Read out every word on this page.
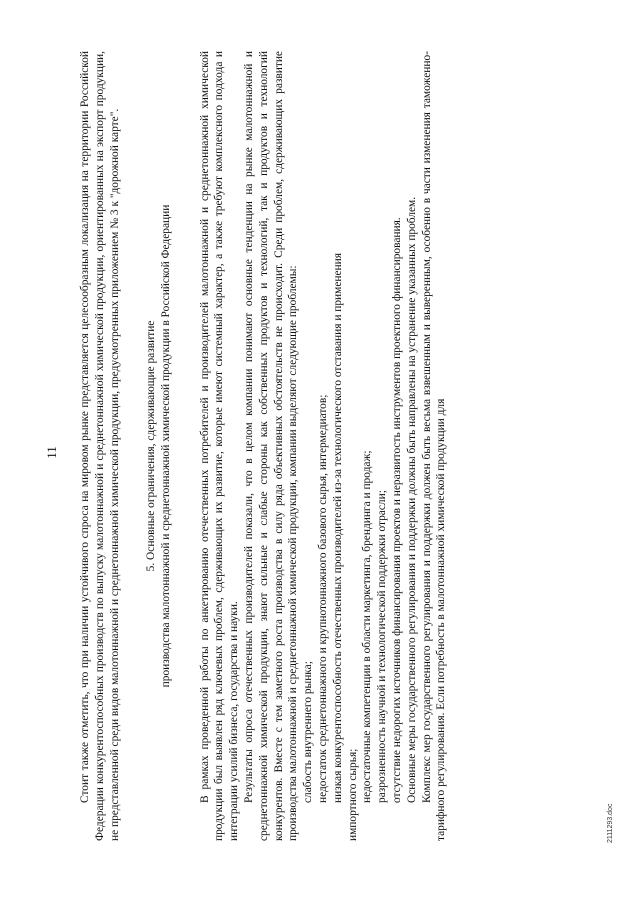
11 Стоит также отметить, что при наличии устойчивого спроса на мировом рынке представляется целесообразным локализация на территории Российской Федерации конкурентоспособных производств по выпуску малотоннажной и среднетоннажной химической продукции, ориентированных на экспорт продукции, не представленной среди видов малотоннажной и среднетоннажной химической продукции, предусмотренных приложением № 3 к "дорожной карте". 5. Основные ограничения, сдерживающие развитие производства малотоннажной и среднетоннажной химической продукции в Российской Федерации В рамках проведенной работы по анкетированию отечественных потребителей и производителей малотоннажной и среднетоннажной химической продукции был выявлен ряд ключевых проблем, сдерживающих их развитие, которые имеют системный характер, а также требуют комплексного подхода и интеграции усилий бизнеса, государства и науки. Результаты опроса отечественных производителей показали, что в целом компании понимают основные тенденции на рынке малотоннажной и среднетоннажной химической продукции, знают сильные и слабые стороны как собственных продуктов и технологий, так и продуктов и технологий конкурентов. Вместе с тем заметного роста производства в силу ряда объективных обстоятельств не происходит. Среди проблем, сдерживающих развитие производства малотоннажной и среднетоннажной химической продукции, компании выделяют следующие проблемы: слабость внутреннего рынка; недостаток среднетоннажного и крупнотоннажного базового сырья, интермедиатов; низкая конкурентоспособность отечественных производителей из-за технологического отставания и применения импортного сырья; недостаточные компетенции в области маркетинга, брендинга и продаж; разрозненность научной и технологической поддержки отрасли; отсутствие недорогих источников финансирования проектов и неразвитость инструментов проектного финансирования. Основные меры государственного регулирования и поддержки должны быть направлены на устранение указанных проблем. Комплекс мер государственного регулирования и поддержки должен быть весьма взвешенным и выверенным, особенно в части изменения таможенно-тарифного регулирования. Если потребность в малотоннажной химической продукции для	2111293.doc
